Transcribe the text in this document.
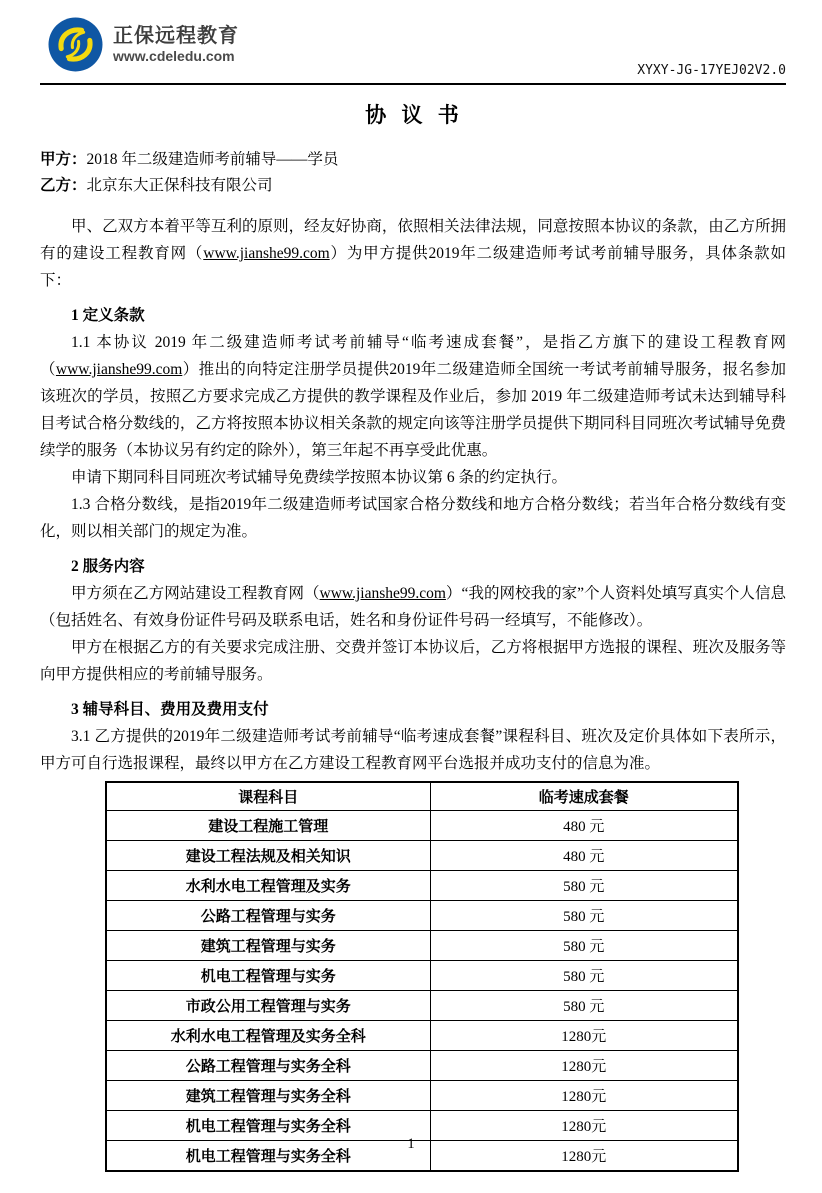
正保远程教育
www.cdeledu.com
XYXY-JG-17YEJ02V2.0
协 议 书
甲方：2018 年二级建造师考前辅导——学员
乙方：北京东大正保科技有限公司

甲、乙双方本着平等互利的原则，经友好协商，依照相关法律法规，同意按照本协议的条款，由乙方所拥有的建设工程教育网（www.jianshe99.com）为甲方提供2019年二级建造师考试考前辅导服务，具体条款如下：

1 定义条款

1.1 本协议 2019 年二级建造师考试考前辅导“临考速成套餐”，是指乙方旗下的建设工程教育网（www.jianshe99.com）推出的向特定注册学员提供2019年二级建造师全国统一考试考前辅导服务，报名参加该班次的学员，按照乙方要求完成乙方提供的教学课程及作业后，参加 2019 年二级建造师考试未达到辅导科目考试合格分数线的，乙方将按照本协议相关条款的规定向该等注册学员提供下期同科目同班次考试辅导免费续学的服务（本协议另有约定的除外），第三年起不再享受此优惠。

申请下期同科目同班次考试辅导免费续学按照本协议第 6 条的约定执行。

1.3 合格分数线，是指2019年二级建造师考试国家合格分数线和地方合格分数线；若当年合格分数线有变化，则以相关部门的规定为准。

2 服务内容

甲方须在乙方网站建设工程教育网（www.jianshe99.com）“我的网校我的家”个人资料处填写真实个人信息（包括姓名、有效身份证件号码及联系电话，姓名和身份证件号码一经填写，不能修改）。

甲方在根据乙方的有关要求完成注册、交费并签订本协议后，乙方将根据甲方选报的课程、班次及服务等向甲方提供相应的考前辅导服务。

3 辅导科目、费用及费用支付

3.1 乙方提供的2019年二级建造师考试考前辅导“临考速成套餐”课程科目、班次及定价具体如下表所示，甲方可自行选报课程，最终以甲方在乙方建设工程教育网平台选报并成功支付的信息为准。

课程科目	临考速成套餐
建设工程施工管理	480 元
建设工程法规及相关知识	480 元
水利水电工程管理及实务	580 元
公路工程管理与实务	580 元
建筑工程管理与实务	580 元
机电工程管理与实务	580 元
市政公用工程管理与实务	580 元
水利水电工程管理及实务全科	1280元
公路工程管理与实务全科	1280元
建筑工程管理与实务全科	1280元
机电工程管理与实务全科	1280元
机电工程管理与实务全科	1280元
1
